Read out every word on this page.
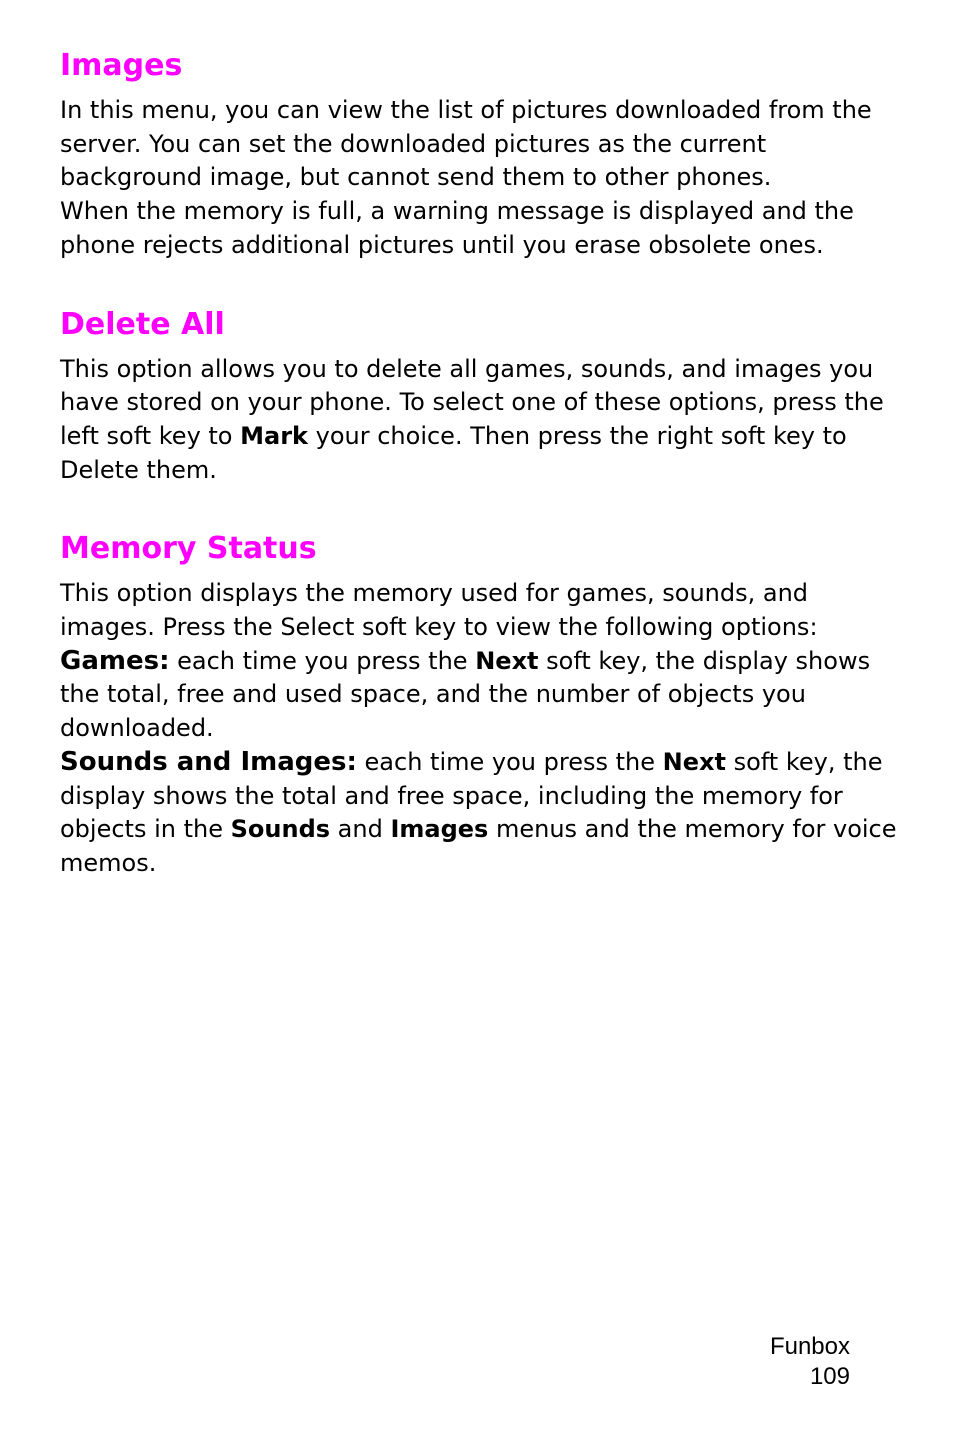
Images

In this menu, you can view the list of pictures downloaded from the server. You can set the downloaded pictures as the current background image, but cannot send them to other phones.

When the memory is full, a warning message is displayed and the phone rejects additional pictures until you erase obsolete ones.

Delete All

This option allows you to delete all games, sounds, and images you have stored on your phone. To select one of these options, press the left soft key to Mark your choice. Then press the right soft key to Delete them.

Memory Status

This option displays the memory used for games, sounds, and images. Press the Select soft key to view the following options:

Games: each time you press the Next soft key, the display shows the total, free and used space, and the number of objects you downloaded.

Sounds and Images: each time you press the Next soft key, the display shows the total and free space, including the memory for objects in the Sounds and Images menus and the memory for voice memos.

Funbox
109
